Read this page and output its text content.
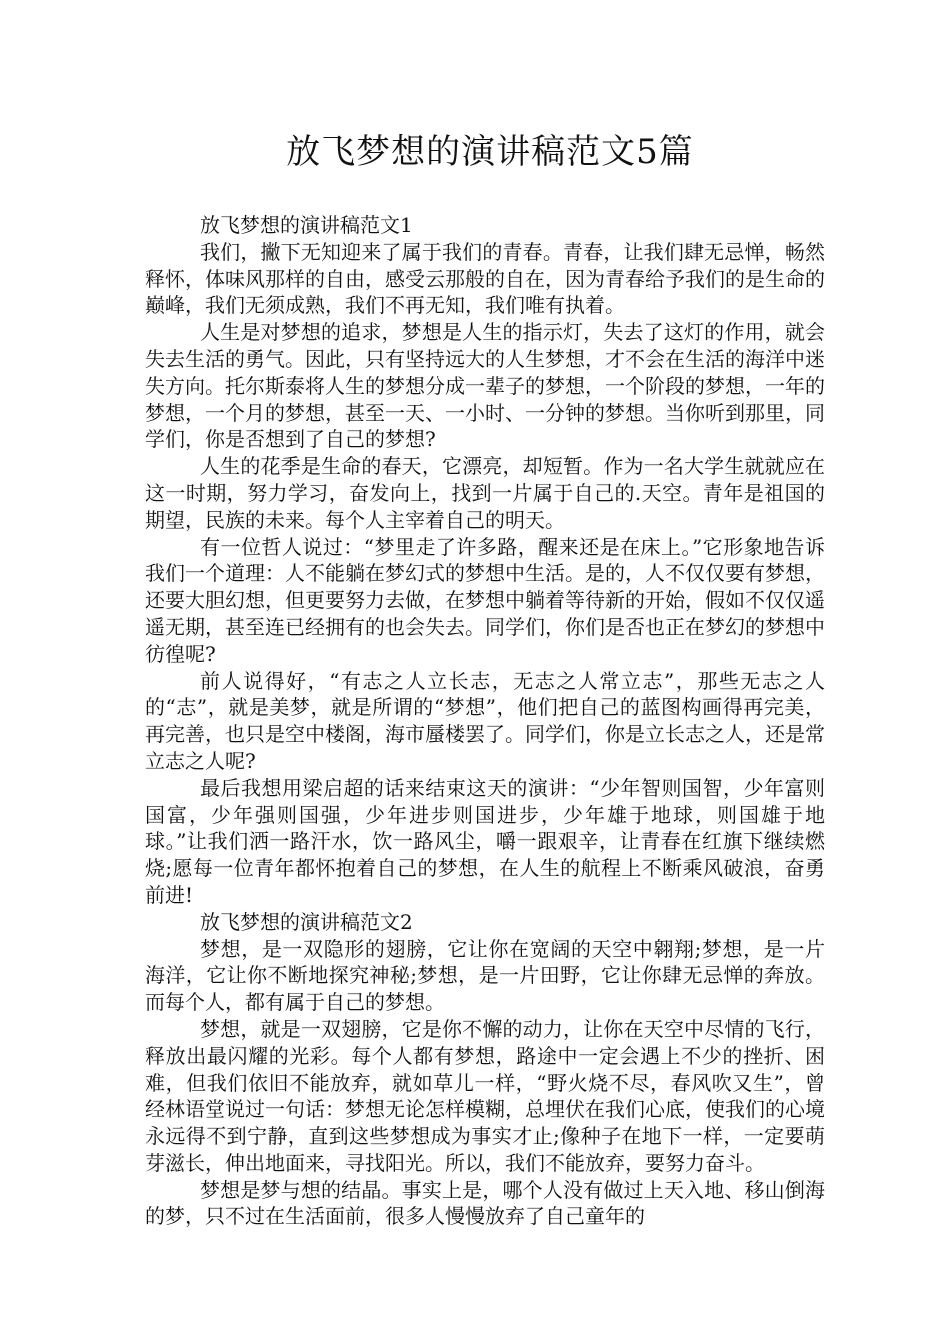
放飞梦想的演讲稿范文5篇

放飞梦想的演讲稿范文1

我们，撇下无知迎来了属于我们的青春。青春，让我们肆无忌惮，畅然释怀，体味风那样的自由，感受云那般的自在，因为青春给予我们的是生命的巅峰，我们无须成熟，我们不再无知，我们唯有执着。

人生是对梦想的追求，梦想是人生的指示灯，失去了这灯的作用，就会失去生活的勇气。因此，只有坚持远大的人生梦想，才不会在生活的海洋中迷失方向。托尔斯泰将人生的梦想分成一辈子的梦想，一个阶段的梦想，一年的梦想，一个月的梦想，甚至一天、一小时、一分钟的梦想。当你听到那里，同学们，你是否想到了自己的梦想?

人生的花季是生命的春天，它漂亮，却短暂。作为一名大学生就就应在这一时期，努力学习，奋发向上，找到一片属于自己的.天空。青年是祖国的期望，民族的未来。每个人主宰着自己的明天。

有一位哲人说过：“梦里走了许多路，醒来还是在床上。”它形象地告诉我们一个道理：人不能躺在梦幻式的梦想中生活。是的，人不仅仅要有梦想，还要大胆幻想，但更要努力去做，在梦想中躺着等待新的开始，假如不仅仅遥遥无期，甚至连已经拥有的也会失去。同学们，你们是否也正在梦幻的梦想中彷徨呢?

前人说得好，“有志之人立长志，无志之人常立志”，那些无志之人的“志”，就是美梦，就是所谓的“梦想”，他们把自己的蓝图构画得再完美，再完善，也只是空中楼阁，海市蜃楼罢了。同学们，你是立长志之人，还是常立志之人呢?

最后我想用梁启超的话来结束这天的演讲：“少年智则国智，少年富则国富，少年强则国强，少年进步则国进步，少年雄于地球，则国雄于地球。”让我们洒一路汗水，饮一路风尘，嚼一跟艰辛，让青春在红旗下继续燃烧;愿每一位青年都怀抱着自己的梦想，在人生的航程上不断乘风破浪，奋勇前进!

放飞梦想的演讲稿范文2

梦想，是一双隐形的翅膀，它让你在宽阔的天空中翱翔;梦想，是一片海洋，它让你不断地探究神秘;梦想，是一片田野，它让你肆无忌惮的奔放。而每个人，都有属于自己的梦想。

梦想，就是一双翅膀，它是你不懈的动力，让你在天空中尽情的飞行，释放出最闪耀的光彩。每个人都有梦想，路途中一定会遇上不少的挫折、困难，但我们依旧不能放弃，就如草儿一样，“野火烧不尽，春风吹又生”，曾经林语堂说过一句话：梦想无论怎样模糊，总埋伏在我们心底，使我们的心境永远得不到宁静，直到这些梦想成为事实才止;像种子在地下一样，一定要萌芽滋长，伸出地面来，寻找阳光。所以，我们不能放弃，要努力奋斗。

梦想是梦与想的结晶。事实上是，哪个人没有做过上天入地、移山倒海的梦，只不过在生活面前，很多人慢慢放弃了自己童年的
